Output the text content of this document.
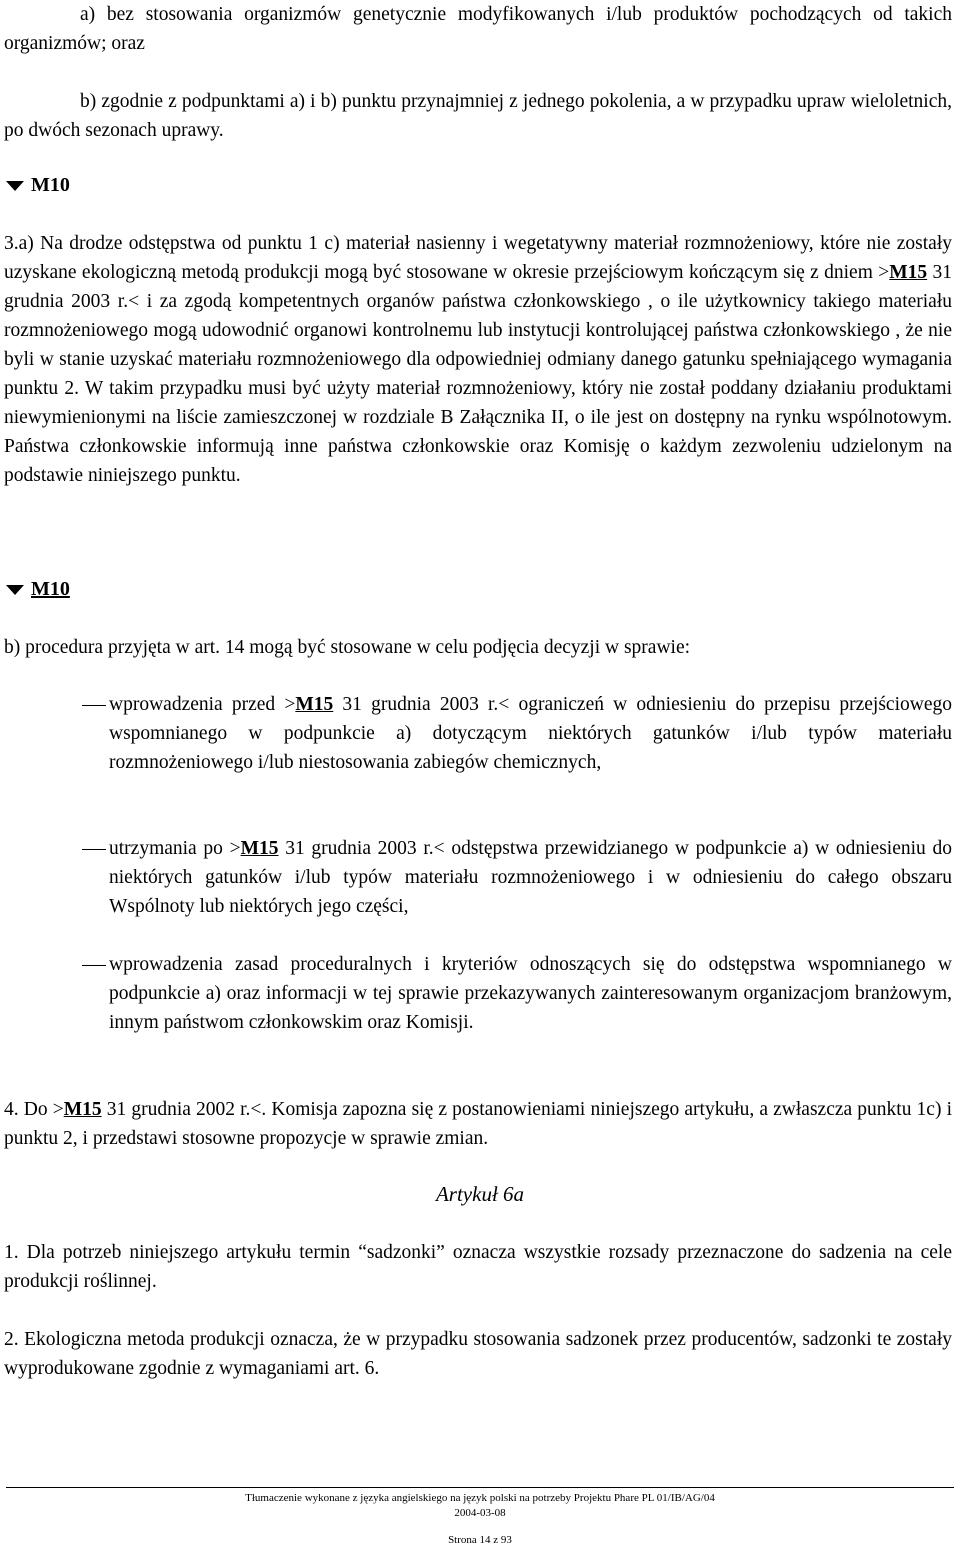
a) bez stosowania organizmów genetycznie modyfikowanych i/lub produktów pochodzących od takich organizmów; oraz

b) zgodnie z podpunktami a) i b) punktu przynajmniej z jednego pokolenia, a w przypadku upraw wieloletnich, po dwóch sezonach uprawy.

M10

3.a) Na drodze odstępstwa od punktu 1 c) materiał nasienny i wegetatywny materiał rozmnożeniowy, które nie zostały uzyskane ekologiczną metodą produkcji mogą być stosowane w okresie przejściowym kończącym się z dniem >M15 31 grudnia 2003 r.< i za zgodą kompetentnych organów państwa członkowskiego , o ile użytkownicy takiego materiału rozmnożeniowego mogą udowodnić organowi kontrolnemu lub instytucji kontrolującej państwa członkowskiego , że nie byli w stanie uzyskać materiału rozmnożeniowego dla odpowiedniej odmiany danego gatunku spełniającego wymagania punktu 2. W takim przypadku musi być użyty materiał rozmnożeniowy, który nie został poddany działaniu produktami niewymienionymi na liście zamieszczonej w rozdziale B Załącznika II, o ile jest on dostępny na rynku wspólnotowym. Państwa członkowskie informują inne państwa członkowskie oraz Komisję o każdym zezwoleniu udzielonym na podstawie niniejszego punktu.

M10

b) procedura przyjęta w art. 14 mogą być stosowane w celu podjęcia decyzji w sprawie:

wprowadzenia przed >M15 31 grudnia 2003 r.< ograniczeń w odniesieniu do przepisu przejściowego wspomnianego w podpunkcie a) dotyczącym niektórych gatunków i/lub typów materiału rozmnożeniowego i/lub niestosowania zabiegów chemicznych,

utrzymania po >M15 31 grudnia 2003 r.< odstępstwa przewidzianego w podpunkcie a) w odniesieniu do niektórych gatunków i/lub typów materiału rozmnożeniowego i w odniesieniu do całego obszaru Wspólnoty lub niektórych jego części,

wprowadzenia zasad proceduralnych i kryteriów odnoszących się do odstępstwa wspomnianego w podpunkcie a) oraz informacji w tej sprawie przekazywanych zainteresowanym organizacjom branżowym, innym państwom członkowskim oraz Komisji.

4. Do >M15 31 grudnia 2002 r.<. Komisja zapozna się z postanowieniami niniejszego artykułu, a zwłaszcza punktu 1c) i punktu 2, i przedstawi stosowne propozycje w sprawie zmian.

Artykuł 6a

1. Dla potrzeb niniejszego artykułu termin “sadzonki” oznacza wszystkie rozsady przeznaczone do sadzenia na cele produkcji roślinnej.

2. Ekologiczna metoda produkcji oznacza, że w przypadku stosowania sadzonek przez producentów, sadzonki te zostały wyprodukowane zgodnie z wymaganiami art. 6.

Tłumaczenie wykonane z języka angielskiego na język polski na potrzeby Projektu Phare PL 01/IB/AG/04
2004-03-08
Strona 14 z 93
